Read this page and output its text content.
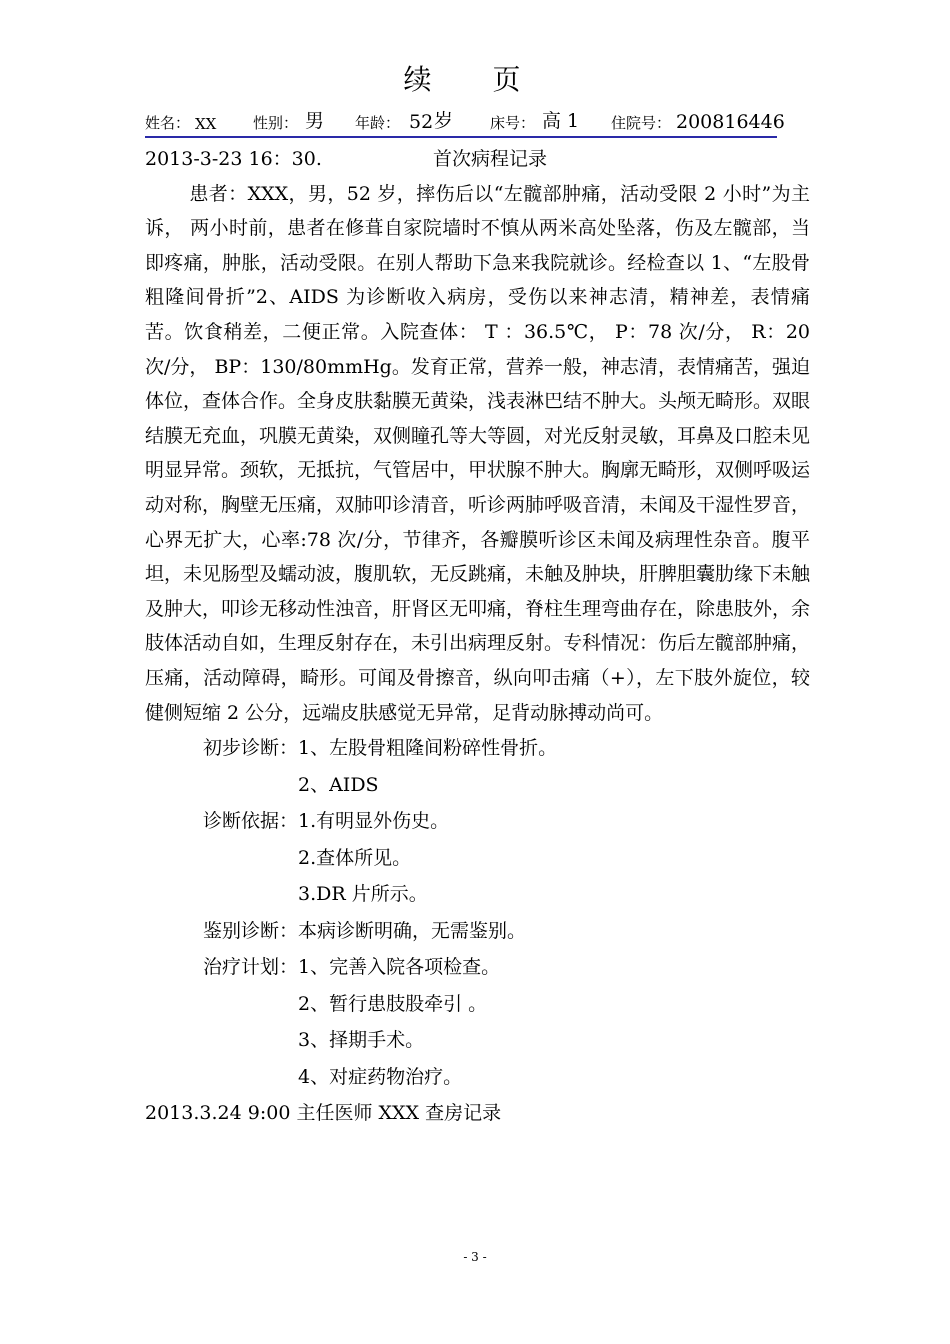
续 页
姓名： XX 性别： 男 年龄： 52 岁 床号： 高 1 住院号： 200816446
2013-3-23 16：30.	首次病程记录
患者：XXX，男，52 岁，摔伤后以“左髋部肿痛，活动受限 2 小时”为主诉， 两小时前，患者在修葺自家院墙时不慎从两米高处坠落，伤及左髋部，当即疼痛，肿胀，活动受限。在别人帮助下急来我院就诊。经检查以 1、“左股骨粗隆间骨折”2、AIDS 为诊断收入病房，受伤以来神志清，精神差，表情痛苦。饮食稍差，二便正常。入院查体： T ：36.5℃， P：78 次/分， R：20 次/分， BP：130/80mmHg。发育正常，营养一般，神志清，表情痛苦，强迫体位，查体合作。全身皮肤黏膜无黄染，浅表淋巴结不肿大。头颅无畸形。双眼结膜无充血，巩膜无黄染，双侧瞳孔等大等圆，对光反射灵敏，耳鼻及口腔未见明显异常。颈软，无抵抗，气管居中，甲状腺不肿大。胸廓无畸形，双侧呼吸运动对称，胸壁无压痛，双肺叩诊清音，听诊两肺呼吸音清，未闻及干湿性罗音，心界无扩大，心率:78 次/分，节律齐，各瓣膜听诊区未闻及病理性杂音。腹平坦，未见肠型及蠕动波，腹肌软，无反跳痛，未触及肿块，肝脾胆囊肋缘下未触及肿大，叩诊无移动性浊音，肝肾区无叩痛，脊柱生理弯曲存在，除患肢外，余肢体活动自如，生理反射存在，未引出病理反射。专科情况：伤后左髋部肿痛，压痛，活动障碍，畸形。可闻及骨擦音，纵向叩击痛（+），左下肢外旋位，较健侧短缩 2 公分，远端皮肤感觉无异常，足背动脉搏动尚可。
初步诊断：1、左股骨粗隆间粉碎性骨折。
2、AIDS
诊断依据：1.有明显外伤史。
2.查体所见。
3.DR 片所示。
鉴别诊断：本病诊断明确，无需鉴别。
治疗计划：1、完善入院各项检查。
2、暂行患肢股牵引 。
3、择期手术。
4、对症药物治疗。
2013.3.24 9:00 主任医师 XXX 查房记录
- 3 -
